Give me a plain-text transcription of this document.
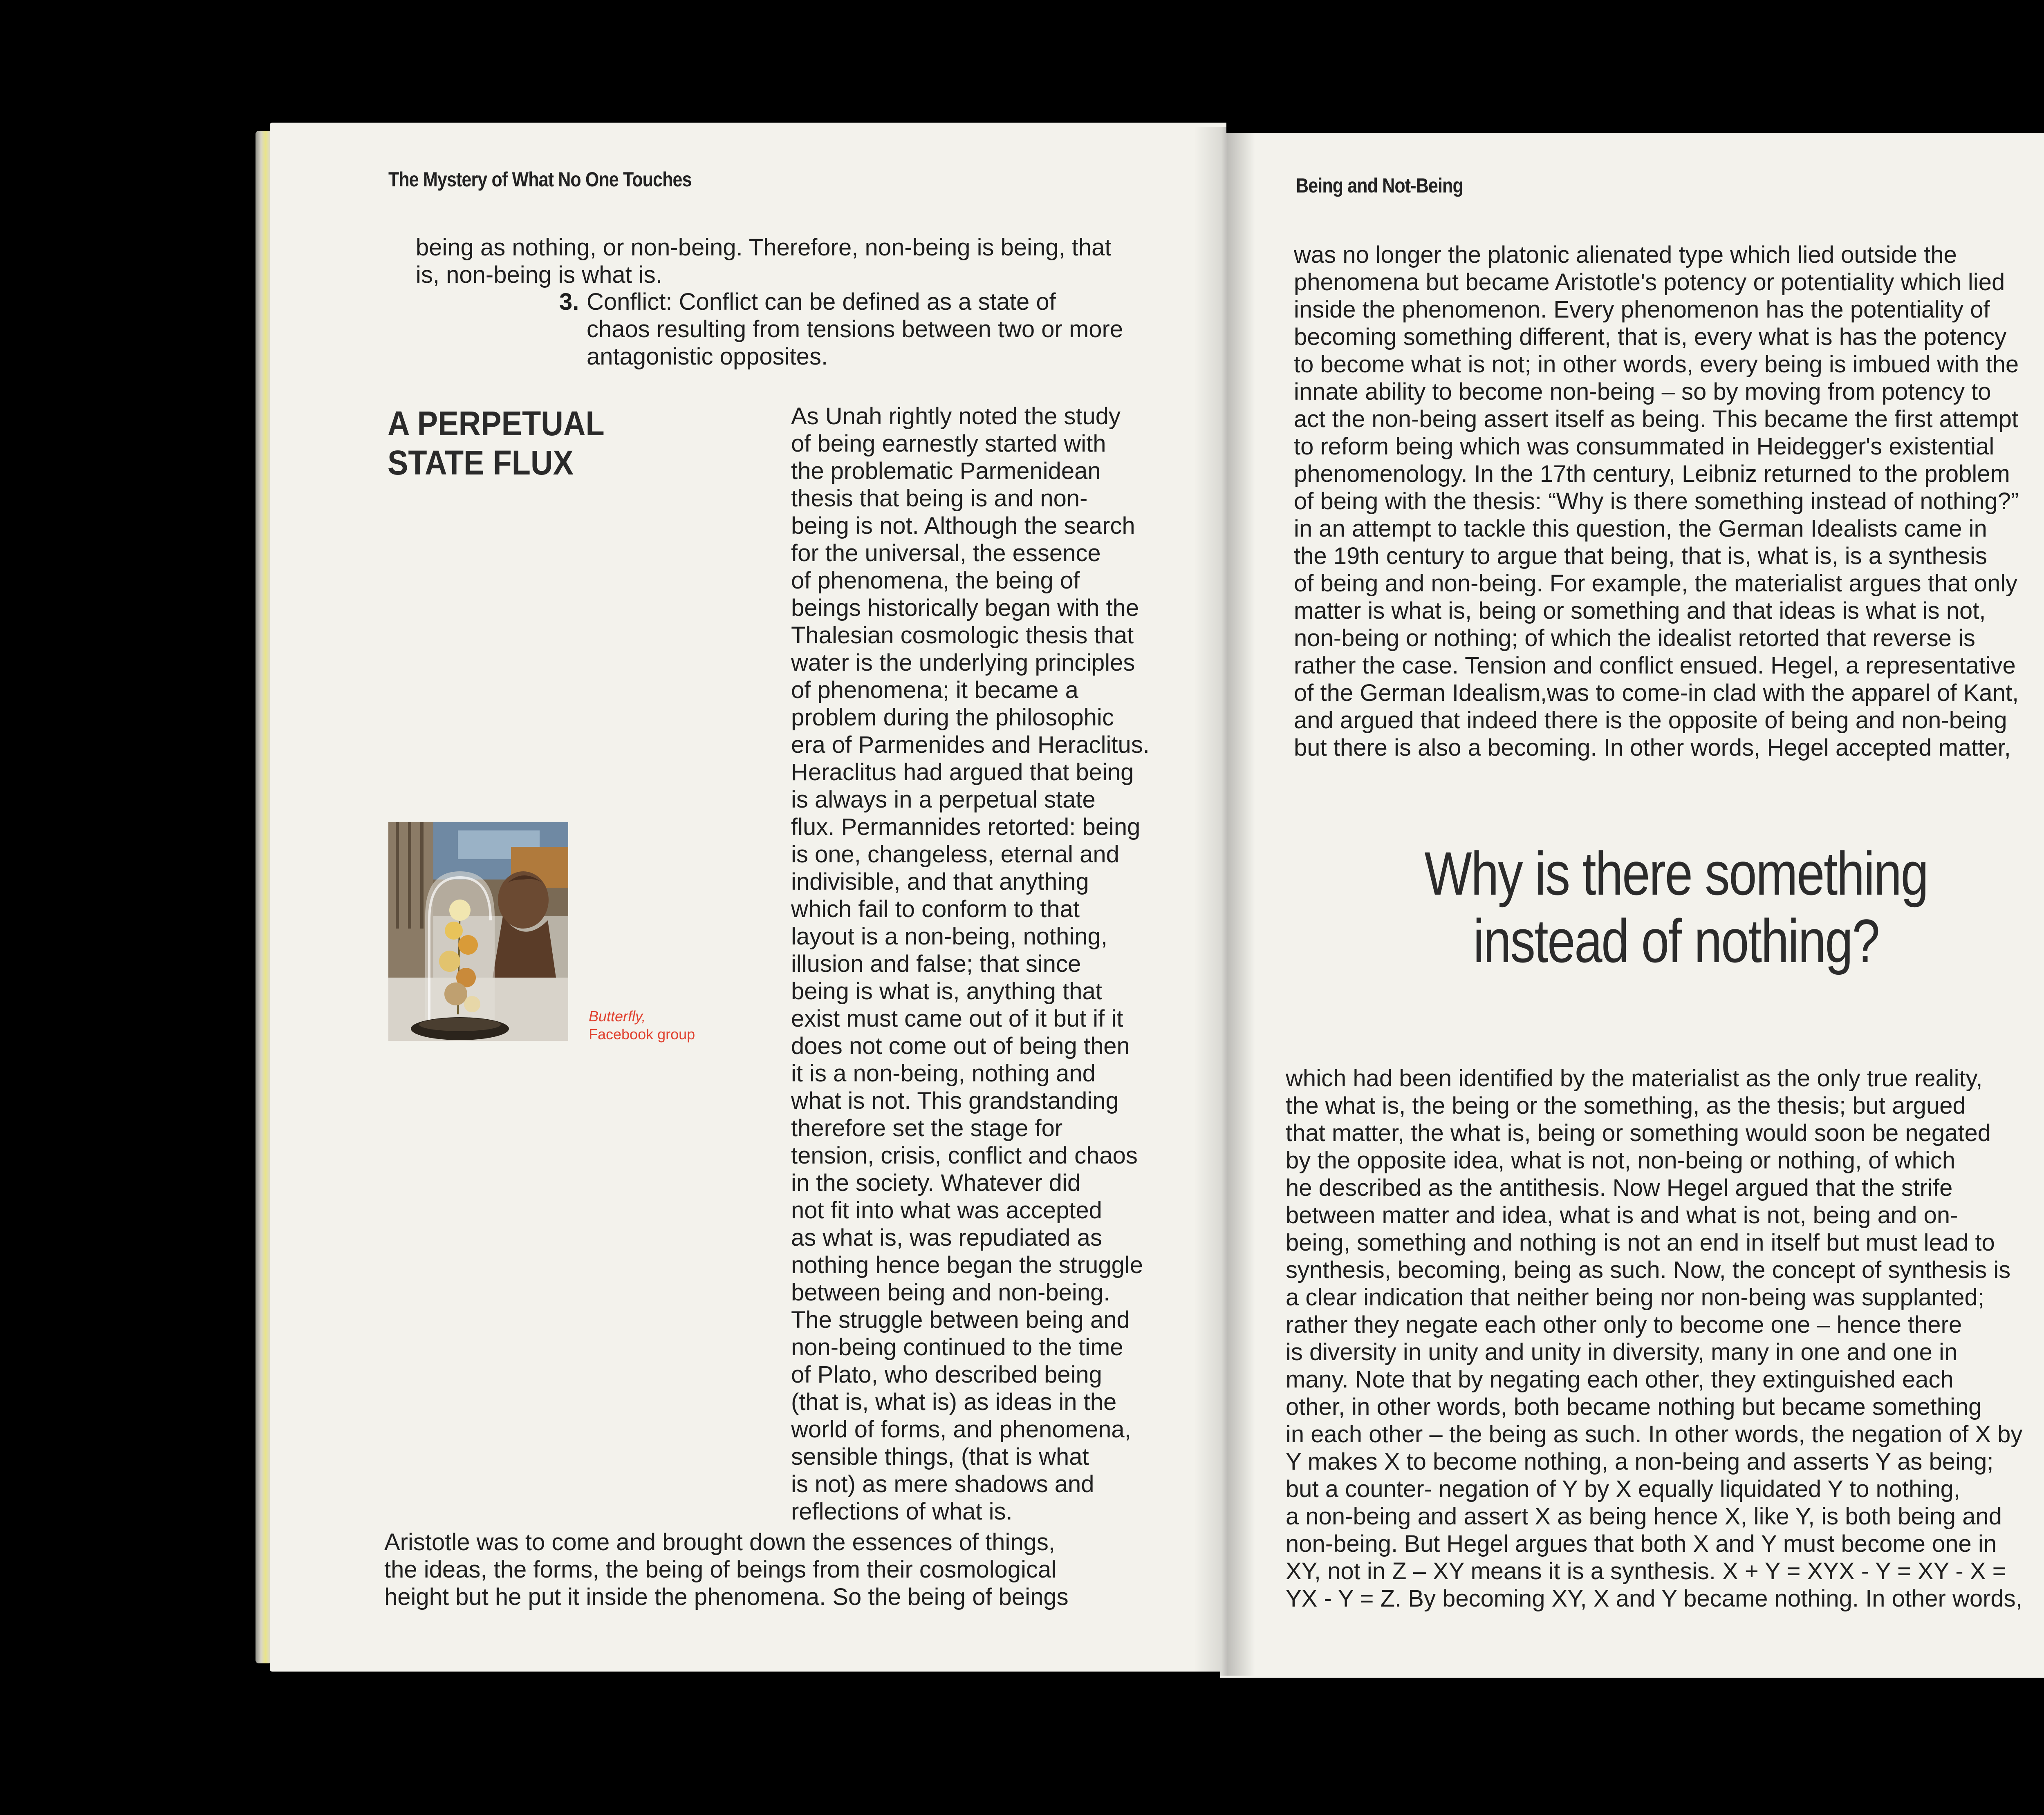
The Mystery of What No One Touches
being as nothing, or non-being. Therefore, non-being is being, that
is, non-being is what is.
3. Conflict: Conflict can be defined as a state of
chaos resulting from tensions between two or more
antagonistic opposites.
A PERPETUAL
STATE FLUX
As Unah rightly noted the study
of being earnestly started with
the problematic Parmenidean
thesis that being is and non-
being is not. Although the search
for the universal, the essence
of phenomena, the being of
beings historically began with the
Thalesian cosmologic thesis that
water is the underlying principles
of phenomena; it became a
problem during the philosophic
era of Parmenides and Heraclitus.
Heraclitus had argued that being
is always in a perpetual state
flux. Permannides retorted: being
is one, changeless, eternal and
indivisible, and that anything
which fail to conform to that
layout is a non-being, nothing,
illusion and false; that since
being is what is, anything that
exist must came out of it but if it
does not come out of being then
it is a non-being, nothing and
what is not. This grandstanding
therefore set the stage for
tension, crisis, conflict and chaos
in the society. Whatever did
not fit into what was accepted
as what is, was repudiated as
nothing hence began the struggle
between being and non-being.
The struggle between being and
non-being continued to the time
of Plato, who described being
(that is, what is) as ideas in the
world of forms, and phenomena,
sensible things, (that is what
is not) as mere shadows and
reflections of what is.
Butterfly,
Facebook group
Aristotle was to come and brought down the essences of things,
the ideas, the forms, the being of beings from their cosmological
height but he put it inside the phenomena. So the being of beings
Being and Not-Being
was no longer the platonic alienated type which lied outside the
phenomena but became Aristotle's potency or potentiality which lied
inside the phenomenon. Every phenomenon has the potentiality of
becoming something different, that is, every what is has the potency
to become what is not; in other words, every being is imbued with the
innate ability to become non-being – so by moving from potency to
act the non-being assert itself as being. This became the first attempt
to reform being which was consummated in Heidegger's existential
phenomenology. In the 17th century, Leibniz returned to the problem
of being with the thesis: “Why is there something instead of nothing?”
in an attempt to tackle this question, the German Idealists came in
the 19th century to argue that being, that is, what is, is a synthesis
of being and non-being. For example, the materialist argues that only
matter is what is, being or something and that ideas is what is not,
non-being or nothing; of which the idealist retorted that reverse is
rather the case. Tension and conflict ensued. Hegel, a representative
of the German Idealism,was to come-in clad with the apparel of Kant,
and argued that indeed there is the opposite of being and non-being
but there is also a becoming. In other words, Hegel accepted matter,
Why is there something
instead of nothing?
which had been identified by the materialist as the only true reality,
the what is, the being or the something, as the thesis; but argued
that matter, the what is, being or something would soon be negated
by the opposite idea, what is not, non-being or nothing, of which
he described as the antithesis. Now Hegel argued that the strife
between matter and idea, what is and what is not, being and on-
being, something and nothing is not an end in itself but must lead to
synthesis, becoming, being as such. Now, the concept of synthesis is
a clear indication that neither being nor non-being was supplanted;
rather they negate each other only to become one – hence there
is diversity in unity and unity in diversity, many in one and one in
many. Note that by negating each other, they extinguished each
other, in other words, both became nothing but became something
in each other – the being as such. In other words, the negation of X by
Y makes X to become nothing, a non-being and asserts Y as being;
but a counter- negation of Y by X equally liquidated Y to nothing,
a non-being and assert X as being hence X, like Y, is both being and
non-being. But Hegel argues that both X and Y must become one in
XY, not in Z – XY means it is a synthesis. X + Y = XYX - Y = XY - X =
YX - Y = Z. By becoming XY, X and Y became nothing. In other words,
